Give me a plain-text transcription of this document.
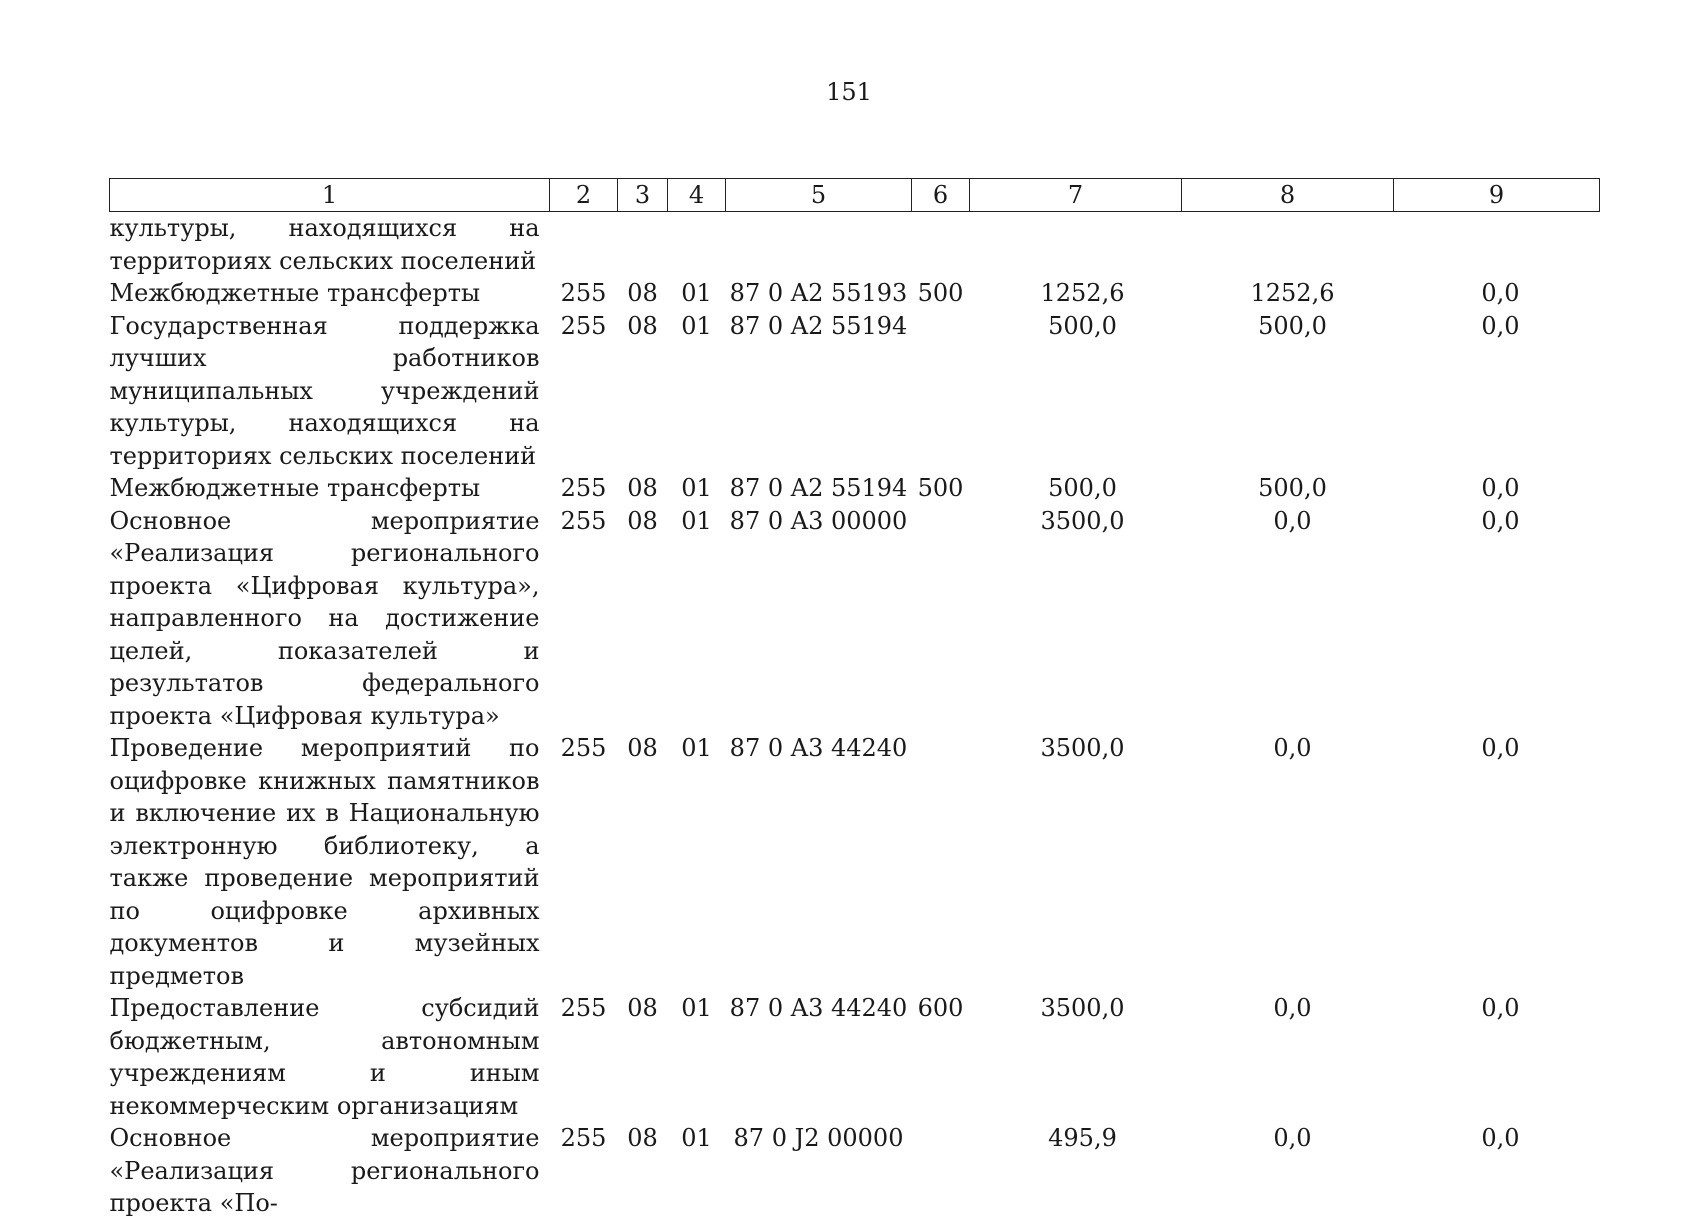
151
1	2	3	4	5	6	7	8	9
культуры, находящихся на территориях сельских поселений								
Межбюджетные трансферты	255	08	01	87 0 A2 55193	500	1252,6	1252,6	0,0
Государственная поддержка лучших работников муниципальных учреждений культуры, находящихся на территориях сельских поселений	255	08	01	87 0 A2 55194		500,0	500,0	0,0
Межбюджетные трансферты	255	08	01	87 0 A2 55194	500	500,0	500,0	0,0
Основное мероприятие «Реализация регионального проекта «Цифровая культура», направленного на достижение целей, показателей и результатов федерального проекта «Цифровая культура»	255	08	01	87 0 A3 00000		3500,0	0,0	0,0
Проведение мероприятий по оцифровке книжных памятников и включение их в Национальную электронную библиотеку, а также проведение мероприятий по оцифровке архивных документов и музейных предметов	255	08	01	87 0 A3 44240		3500,0	0,0	0,0
Предоставление субсидий бюджетным, автономным учреждениям и иным некоммерческим организациям	255	08	01	87 0 A3 44240	600	3500,0	0,0	0,0
Основное мероприятие «Реализация регионального проекта «По-	255	08	01	87 0 J2 00000		495,9	0,0	0,0
